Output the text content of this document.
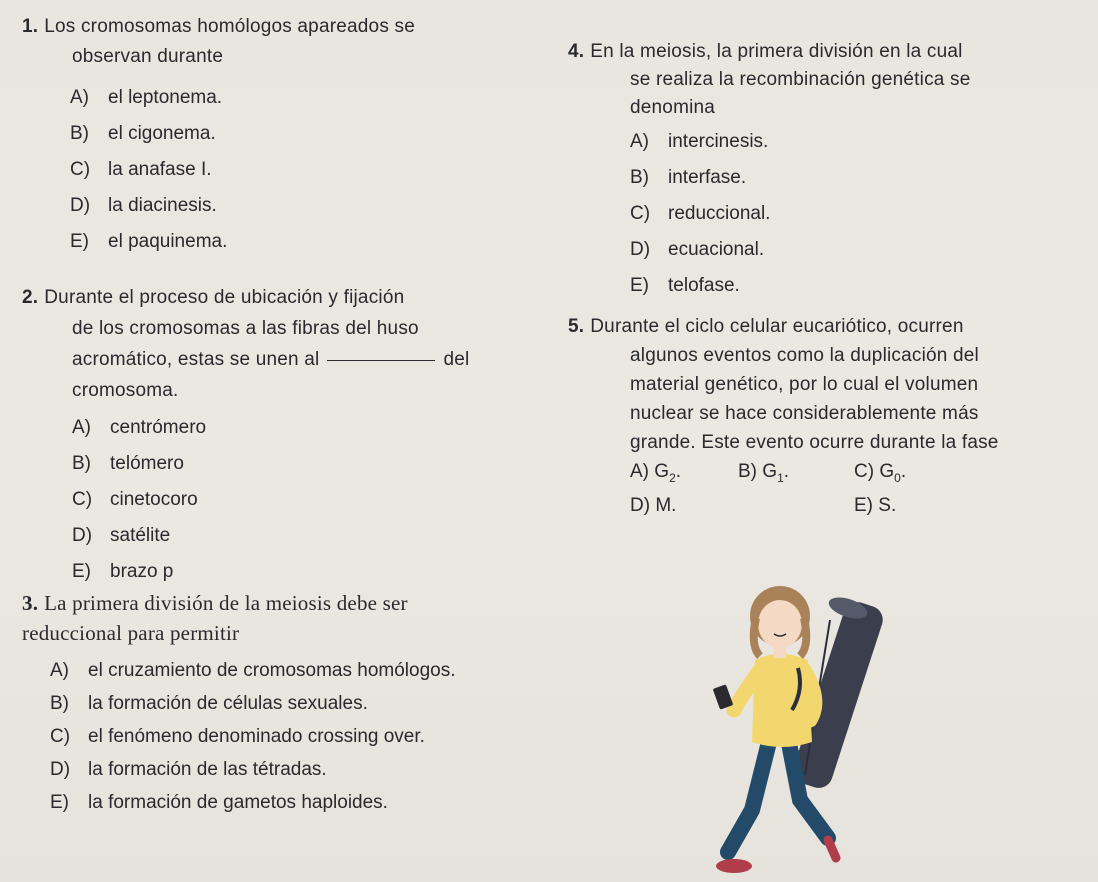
1. Los cromosomas homólogos apareados se
observan durante
A) el leptonema.
B) el cigonema.
C) la anafase I.
D) la diacinesis.
E) el paquinema.
2. Durante el proceso de ubicación y fijación
de los cromosomas a las fibras del huso
acromático, estas se unen al	del
cromosoma.
A) centrómero
B) telómero
C) cinetocoro
D) satélite
E) brazo p
3. La primera división de la meiosis debe ser
reduccional para permitir
A) el cruzamiento de cromosomas homólogos.
B) la formación de células sexuales.
C) el fenómeno denominado crossing over.
D) la formación de las tétradas.
E) la formación de gametos haploides.
4. En la meiosis, la primera división en la cual
se realiza la recombinación genética se
denomina
A) intercinesis.
B) interfase.
C) reduccional.
D) ecuacional.
E) telofase.
5. Durante el ciclo celular eucariótico, ocurren
algunos eventos como la duplicación del
material genético, por lo cual el volumen
nuclear se hace considerablemente más
grande. Este evento ocurre durante la fase
A) $G_2$.	B) $G_1$.	C) $G_0$.
D) M.	E) S.
